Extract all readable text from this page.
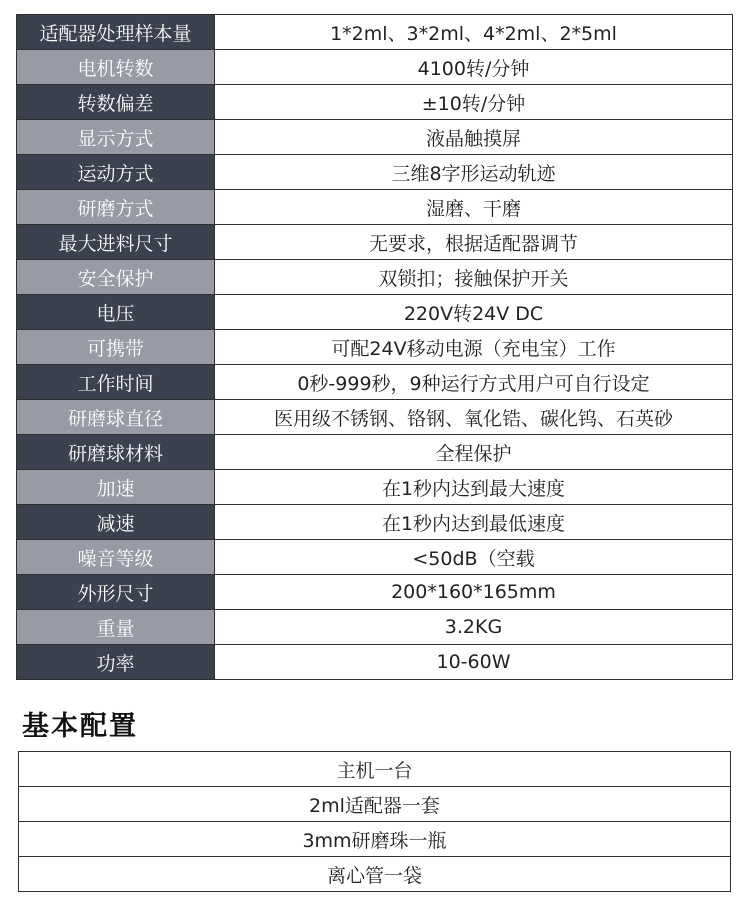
适配器处理样本量	1*2ml、3*2ml、4*2ml、2*5ml
电机转数	4100转/分钟
转数偏差	±10转/分钟
显示方式	液晶触摸屏
运动方式	三维8字形运动轨迹
研磨方式	湿磨、干磨
最大进料尺寸	无要求，根据适配器调节
安全保护	双锁扣；接触保护开关
电压	220V转24V DC
可携带	可配24V移动电源（充电宝）工作
工作时间	0秒-999秒，9种运行方式用户可自行设定
研磨球直径	医用级不锈钢、铬钢、氧化锆、碳化钨、石英砂
研磨球材料	全程保护
加速	在1秒内达到最大速度
减速	在1秒内达到最低速度
噪音等级	<50dB（空载
外形尺寸	200*160*165mm
重量	3.2KG
功率	10-60W
基本配置
主机一台
2ml适配器一套
3mm研磨珠一瓶
离心管一袋
